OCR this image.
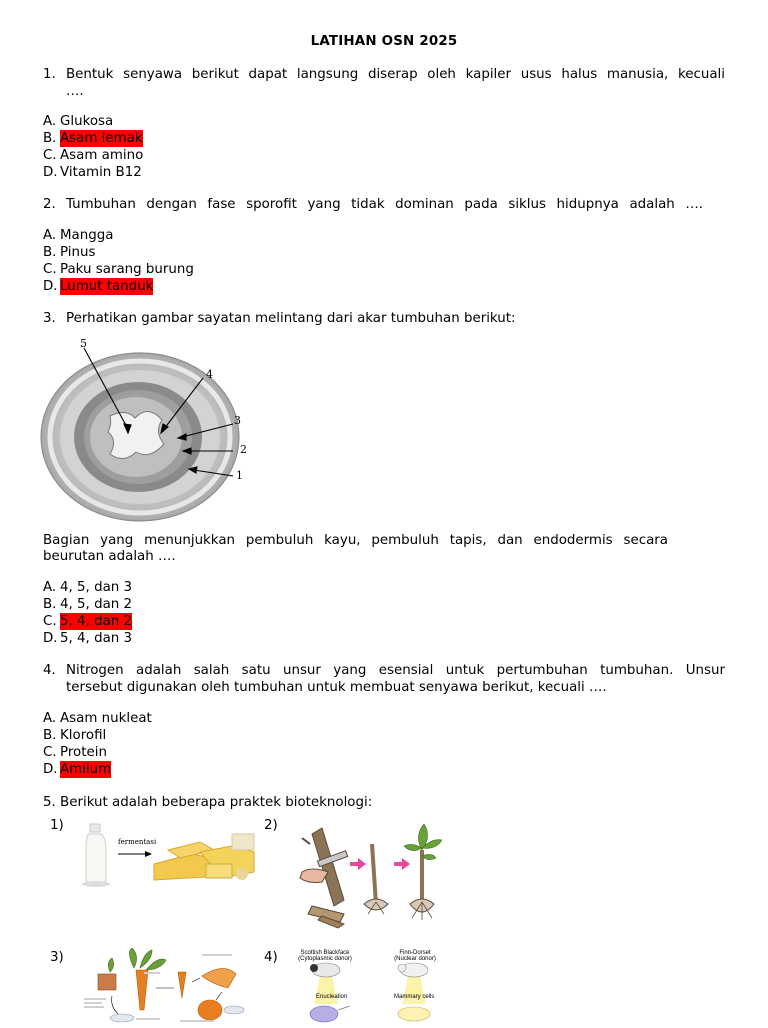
LATIHAN OSN 2025
1. Bentuk senyawa berikut dapat langsung diserap oleh kapiler usus halus manusia, kecuali
….
A. Glukosa
B. Asam lemak
C. Asam amino
D. Vitamin B12
2. Tumbuhan dengan fase sporofit yang tidak dominan pada siklus hidupnya adalah ….
A. Mangga
B. Pinus
C. Paku sarang burung
D. Lumut tanduk
3. Perhatikan gambar sayatan melintang dari akar tumbuhan berikut:
5
4
3
2
1
Bagian yang menunjukkan pembuluh kayu, pembuluh tapis, dan endodermis secara
beurutan adalah ….
A. 4, 5, dan 3
B. 4, 5, dan 2
C. 5, 4, dan 2
D. 5, 4, dan 3
4. Nitrogen adalah salah satu unsur yang esensial untuk pertumbuhan tumbuhan. Unsur
tersebut digunakan oleh tumbuhan untuk membuat senyawa berikut, kecuali ….
A. Asam nukleat
B. Klorofil
C. Protein
D. Amilum
5. Berikut adalah beberapa praktek bioteknologi:
1)
fermentasi
2)
3)	4)	Scottish Blackface
(Cytoplasmic donor)
Finn-Dorset
(Nuclear donor)
Enucleation	Mammary cells
